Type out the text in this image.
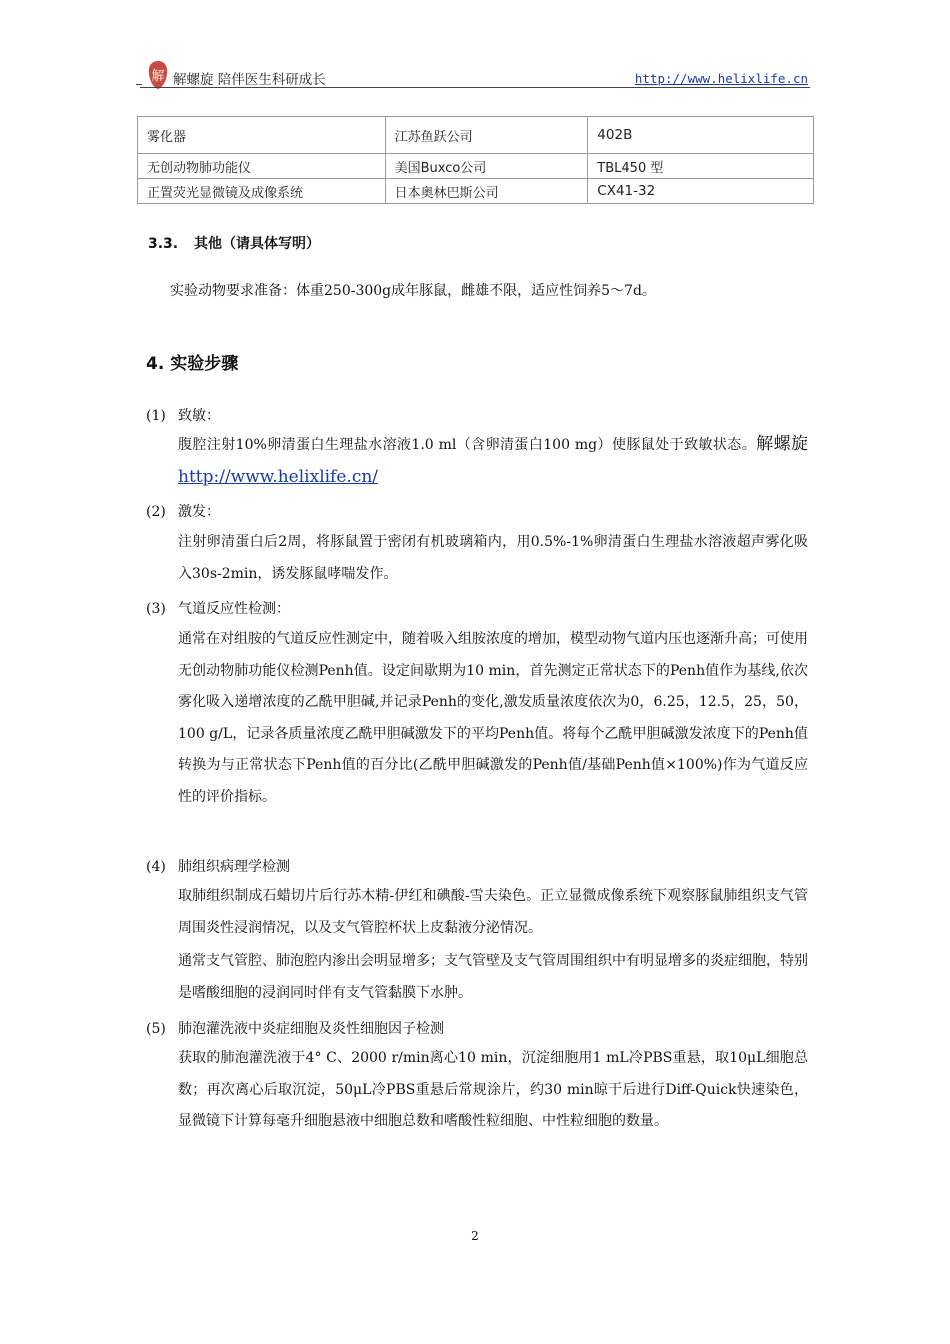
解 解螺旋 陪伴医生科研成长	http://www.helixlife.cn
雾化器	江苏鱼跃公司	402B
无创动物肺功能仪	美国Buxco公司	TBL450 型
正置荧光显微镜及成像系统	日本奥林巴斯公司	CX41-32
3.3. 其他（请具体写明）
实验动物要求准备：体重250-300g成年豚鼠，雌雄不限，适应性饲养5～7d。
4. 实验步骤
(1) 致敏：
腹腔注射10%卵清蛋白生理盐水溶液1.0 ml（含卵清蛋白100 mg）使豚鼠处于致敏状态。解螺旋 http://www.helixlife.cn/
(2) 激发：
注射卵清蛋白后2周，将豚鼠置于密闭有机玻璃箱内，用0.5%-1%卵清蛋白生理盐水溶液超声雾化吸入30s-2min，诱发豚鼠哮喘发作。
(3) 气道反应性检测：
通常在对组胺的气道反应性测定中，随着吸入组胺浓度的增加，模型动物气道内压也逐渐升高；可使用无创动物肺功能仪检测Penh值。设定间歇期为10 min，首先测定正常状态下的Penh值作为基线,依次雾化吸入递增浓度的乙酰甲胆碱,并记录Penh的变化,激发质量浓度依次为0，6.25，12.5，25，50，100 g/L，记录各质量浓度乙酰甲胆碱激发下的平均Penh值。将每个乙酰甲胆碱激发浓度下的Penh值转换为与正常状态下Penh值的百分比(乙酰甲胆碱激发的Penh值/基础Penh值×100%)作为气道反应性的评价指标。
(4) 肺组织病理学检测
取肺组织制成石蜡切片后行苏木精-伊红和碘酸-雪夫染色。正立显微成像系统下观察豚鼠肺组织支气管周围炎性浸润情况，以及支气管腔杯状上皮黏液分泌情况。
通常支气管腔、肺泡腔内渗出会明显增多；支气管壁及支气管周围组织中有明显增多的炎症细胞，特别是嗜酸细胞的浸润同时伴有支气管黏膜下水肿。
(5) 肺泡灌洗液中炎症细胞及炎性细胞因子检测
获取的肺泡灌洗液于4° C、2000 r/min离心10 min，沉淀细胞用1 mL冷PBS重悬，取10μL细胞总数；再次离心后取沉淀，50μL冷PBS重悬后常规涂片，约30 min晾干后进行Diff-Quick快速染色，显微镜下计算每毫升细胞悬液中细胞总数和嗜酸性粒细胞、中性粒细胞的数量。
2
